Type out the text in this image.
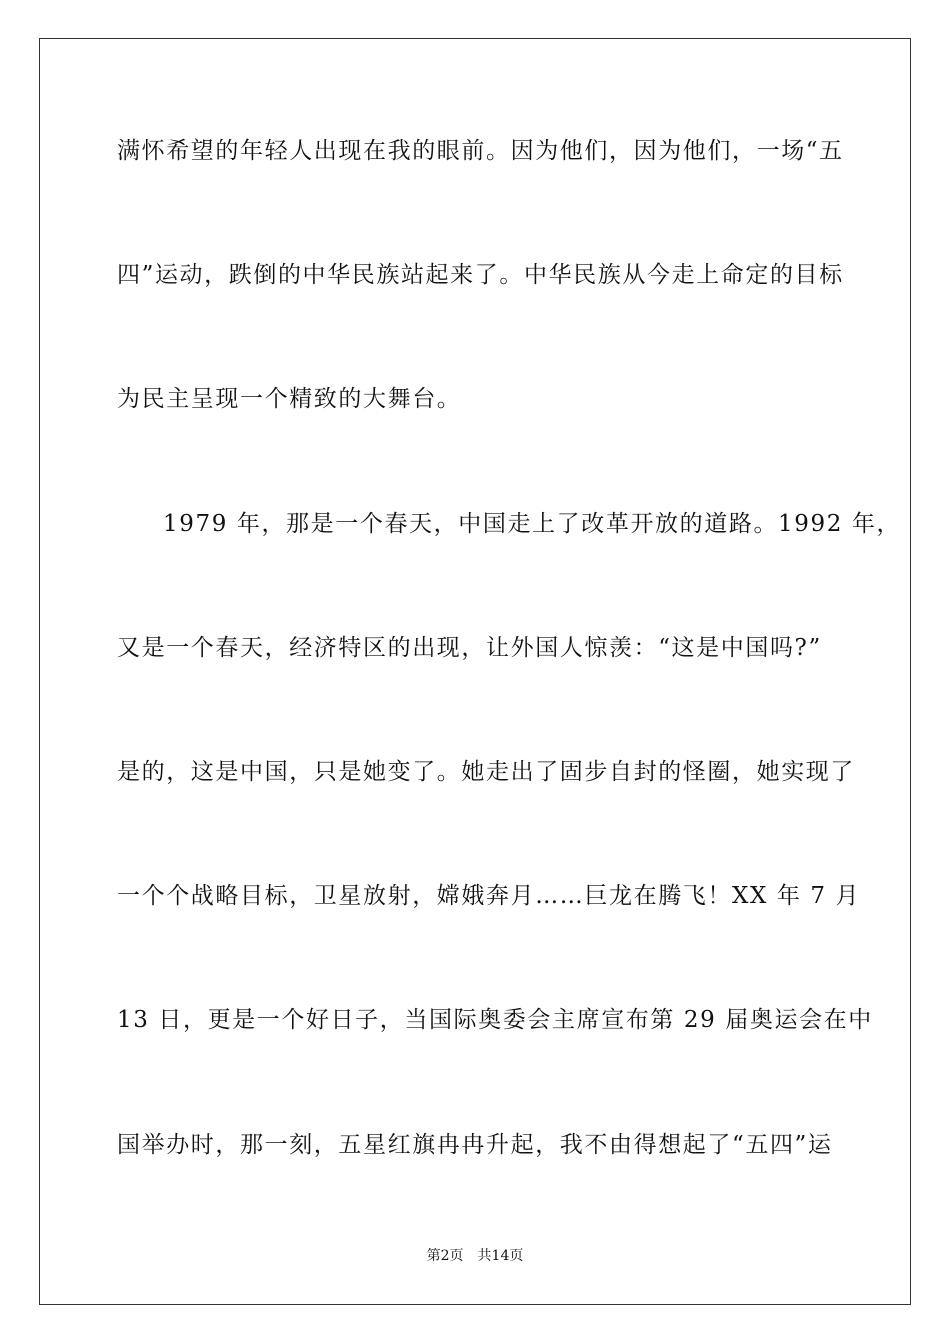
满怀希望的年轻人出现在我的眼前。因为他们，因为他们，一场“五
四”运动，跌倒的中华民族站起来了。中华民族从今走上命定的目标
为民主呈现一个精致的大舞台。
1979 年，那是一个春天，中国走上了改革开放的道路。1992 年，
又是一个春天，经济特区的出现，让外国人惊羡：“这是中国吗?”
是的，这是中国，只是她变了。她走出了固步自封的怪圈，她实现了
一个个战略目标，卫星放射，嫦娥奔月……巨龙在腾飞！XX 年 7 月
13 日，更是一个好日子，当国际奥委会主席宣布第 29 届奥运会在中
国举办时，那一刻，五星红旗冉冉升起，我不由得想起了“五四”运
第2页 共14页
